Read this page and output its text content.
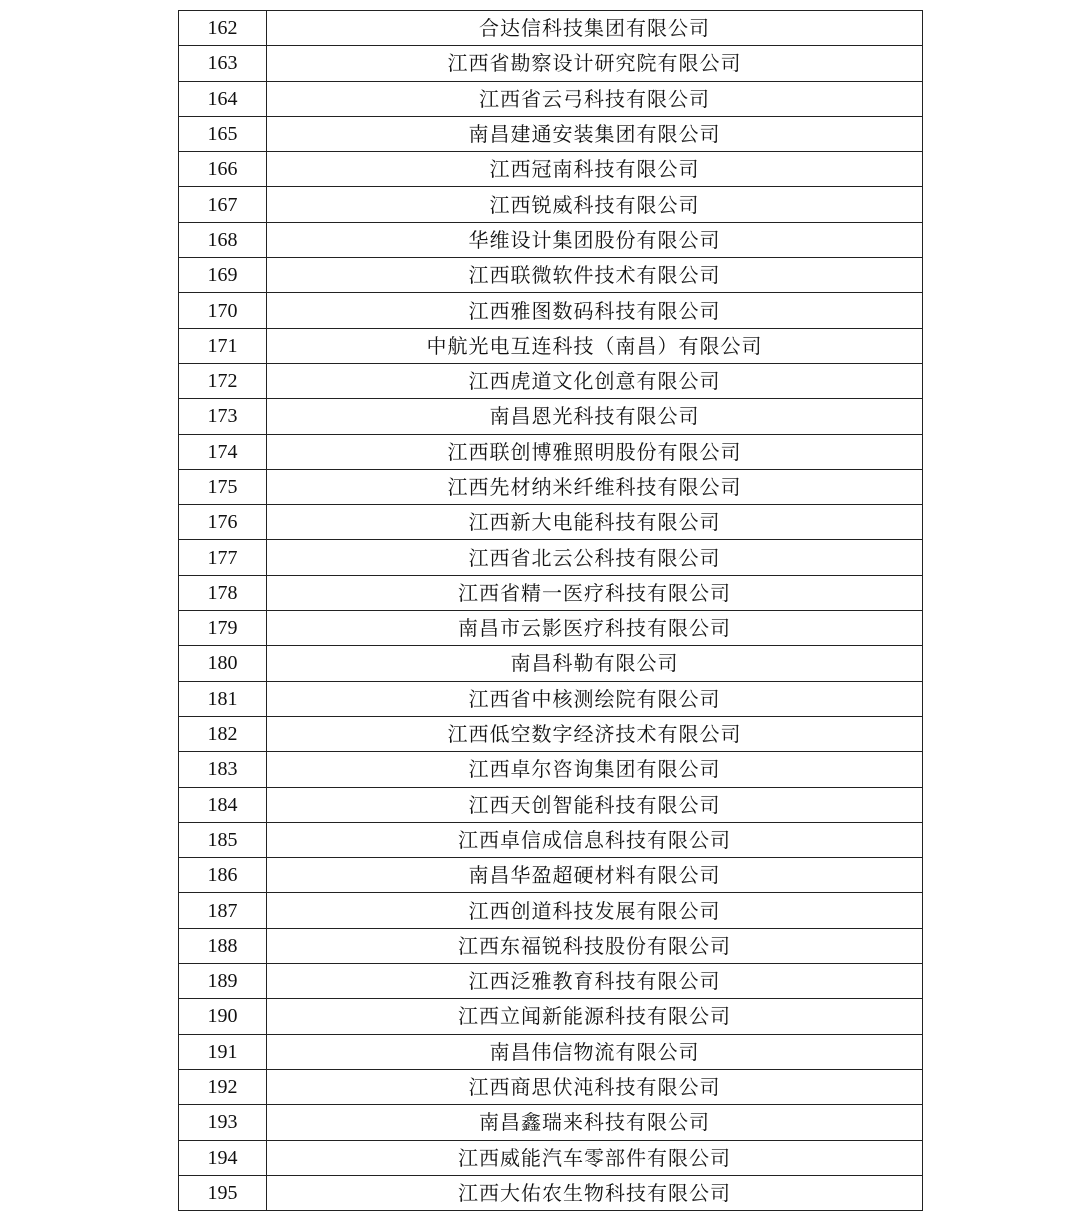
162	合达信科技集团有限公司
163	江西省勘察设计研究院有限公司
164	江西省云弓科技有限公司
165	南昌建通安装集团有限公司
166	江西冠南科技有限公司
167	江西锐威科技有限公司
168	华维设计集团股份有限公司
169	江西联微软件技术有限公司
170	江西雅图数码科技有限公司
171	中航光电互连科技（南昌）有限公司
172	江西虎道文化创意有限公司
173	南昌恩光科技有限公司
174	江西联创博雅照明股份有限公司
175	江西先材纳米纤维科技有限公司
176	江西新大电能科技有限公司
177	江西省北云公科技有限公司
178	江西省精一医疗科技有限公司
179	南昌市云影医疗科技有限公司
180	南昌科勒有限公司
181	江西省中核测绘院有限公司
182	江西低空数字经济技术有限公司
183	江西卓尔咨询集团有限公司
184	江西天创智能科技有限公司
185	江西卓信成信息科技有限公司
186	南昌华盈超硬材料有限公司
187	江西创道科技发展有限公司
188	江西东福锐科技股份有限公司
189	江西泛雅教育科技有限公司
190	江西立闻新能源科技有限公司
191	南昌伟信物流有限公司
192	江西商思伏沌科技有限公司
193	南昌鑫瑞来科技有限公司
194	江西威能汽车零部件有限公司
195	江西大佑农生物科技有限公司
